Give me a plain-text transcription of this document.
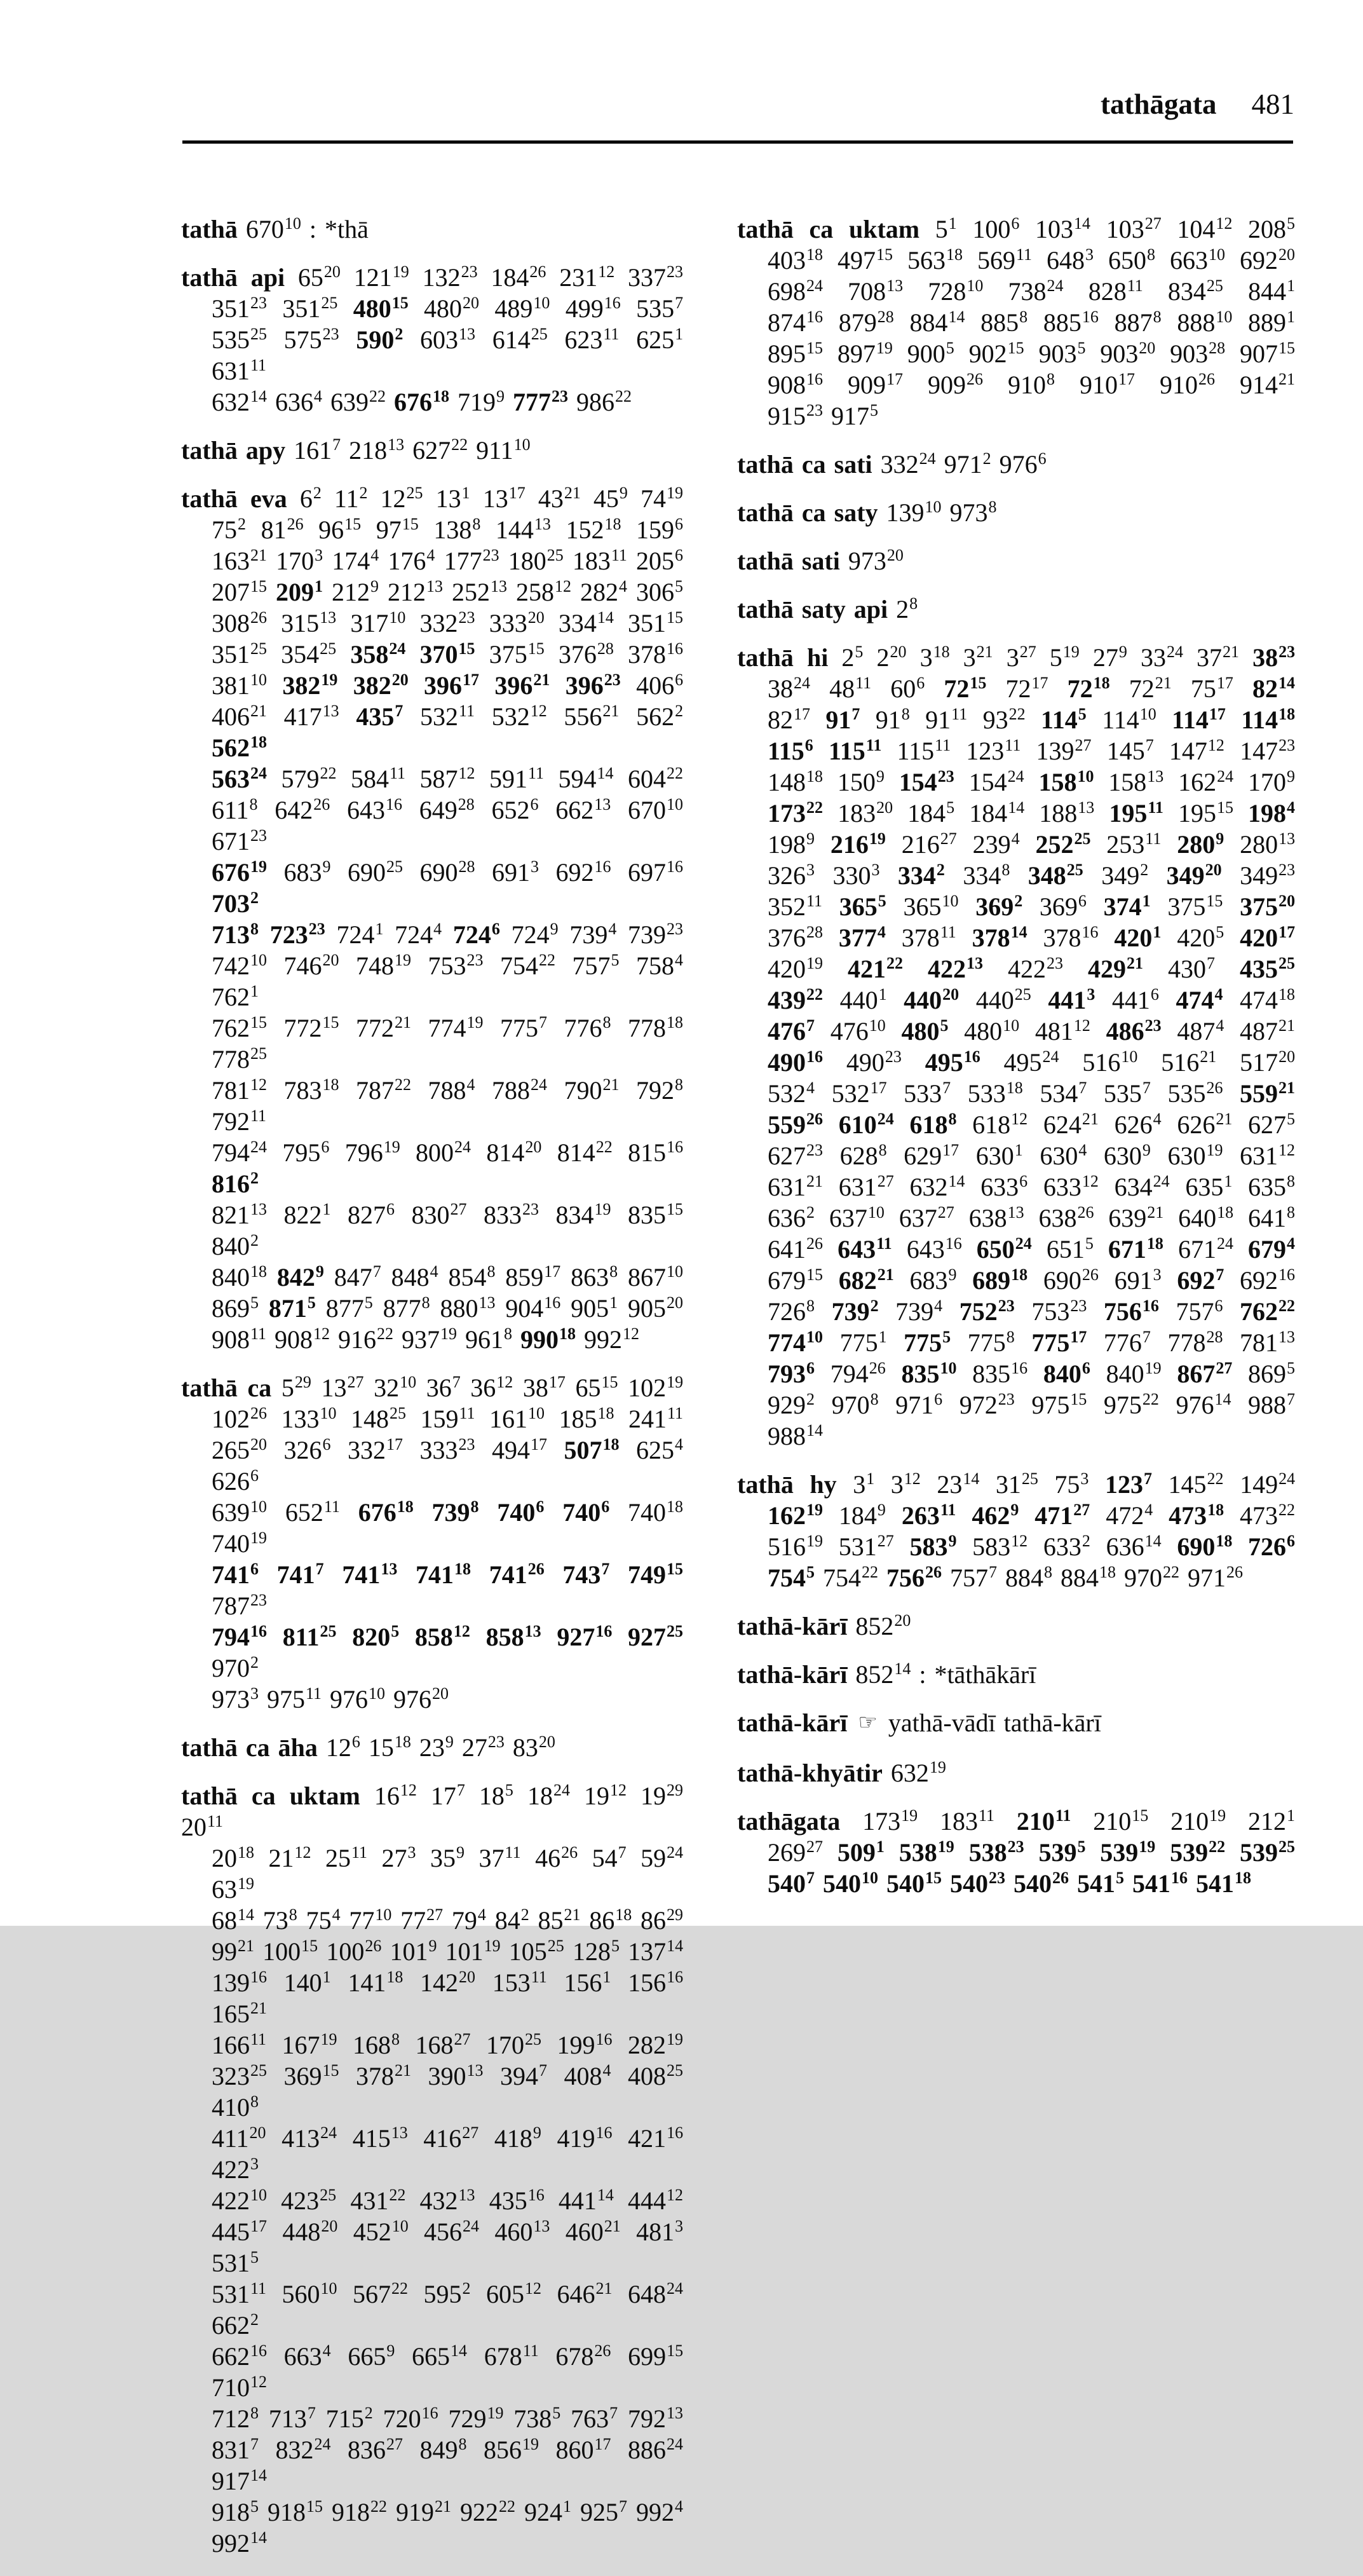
tathāgata 481
tathā $670^{10}$ : *thā
tathā api $65^{20}$ $121^{19}$ $132^{23}$ $184^{26}$ $231^{12}$ $337^{23}$
$351^{23}$ $351^{25}$ $480^{15}$ $480^{20}$ $489^{10}$ $499^{16}$ $535^7$
$535^{25}$ $575^{23}$ $590^2$ $603^{13}$ $614^{25}$ $623^{11}$ $625^1$ $631^{11}$
$632^{14}$ $636^4$ $639^{22}$ $676^{18}$ $719^9$ $777^{23}$ $986^{22}$
tathā apy $161^7$ $218^{13}$ $627^{22}$ $911^{10}$
tathā eva $6^2$ $11^2$ $12^{25}$ $13^1$ $13^{17}$ $43^{21}$ $45^9$ $74^{19}$
$75^2$ $81^{26}$ $96^{15}$ $97^{15}$ $138^8$ $144^{13}$ $152^{18}$ $159^6$
$163^{21}$ $170^3$ $174^4$ $176^4$ $177^{23}$ $180^{25}$ $183^{11}$ $205^6$
$207^{15}$ $209^1$ $212^9$ $212^{13}$ $252^{13}$ $258^{12}$ $282^4$ $306^5$
$308^{26}$ $315^{13}$ $317^{10}$ $332^{23}$ $333^{20}$ $334^{14}$ $351^{15}$
$351^{25}$ $354^{25}$ $358^{24}$ $370^{15}$ $375^{15}$ $376^{28}$ $378^{16}$
$381^{10}$ $382^{19}$ $382^{20}$ $396^{17}$ $396^{21}$ $396^{23}$ $406^6$
$406^{21}$ $417^{13}$ $435^7$ $532^{11}$ $532^{12}$ $556^{21}$ $562^2$ $562^{18}$
$563^{24}$ $579^{22}$ $584^{11}$ $587^{12}$ $591^{11}$ $594^{14}$ $604^{22}$
$611^8$ $642^{26}$ $643^{16}$ $649^{28}$ $652^6$ $662^{13}$ $670^{10}$ $671^{23}$
$676^{19}$ $683^9$ $690^{25}$ $690^{28}$ $691^3$ $692^{16}$ $697^{16}$ $703^2$
$713^8$ $723^{23}$ $724^1$ $724^4$ $724^6$ $724^9$ $739^4$ $739^{23}$
$742^{10}$ $746^{20}$ $748^{19}$ $753^{23}$ $754^{22}$ $757^5$ $758^4$ $762^1$
$762^{15}$ $772^{15}$ $772^{21}$ $774^{19}$ $775^7$ $776^8$ $778^{18}$ $778^{25}$
$781^{12}$ $783^{18}$ $787^{22}$ $788^4$ $788^{24}$ $790^{21}$ $792^8$ $792^{11}$
$794^{24}$ $795^6$ $796^{19}$ $800^{24}$ $814^{20}$ $814^{22}$ $815^{16}$ $816^2$
$821^{13}$ $822^1$ $827^6$ $830^{27}$ $833^{23}$ $834^{19}$ $835^{15}$ $840^2$
$840^{18}$ $842^9$ $847^7$ $848^4$ $854^8$ $859^{17}$ $863^8$ $867^{10}$
$869^5$ $871^5$ $877^5$ $877^8$ $880^{13}$ $904^{16}$ $905^1$ $905^{20}$
$908^{11}$ $908^{12}$ $916^{22}$ $937^{19}$ $961^8$ $990^{18}$ $992^{12}$
tathā ca $5^{29}$ $13^{27}$ $32^{10}$ $36^7$ $36^{12}$ $38^{17}$ $65^{15}$ $102^{19}$
$102^{26}$ $133^{10}$ $148^{25}$ $159^{11}$ $161^{10}$ $185^{18}$ $241^{11}$
$265^{20}$ $326^6$ $332^{17}$ $333^{23}$ $494^{17}$ $507^{18}$ $625^4$ $626^6$
$639^{10}$ $652^{11}$ $676^{18}$ $739^8$ $740^6$ $740^6$ $740^{18}$ $740^{19}$
$741^6$ $741^7$ $741^{13}$ $741^{18}$ $741^{26}$ $743^7$ $749^{15}$ $787^{23}$
$794^{16}$ $811^{25}$ $820^5$ $858^{12}$ $858^{13}$ $927^{16}$ $927^{25}$ $970^2$
$973^3$ $975^{11}$ $976^{10}$ $976^{20}$
tathā ca āha $12^6$ $15^{18}$ $23^9$ $27^{23}$ $83^{20}$
tathā ca uktam $16^{12}$ $17^7$ $18^5$ $18^{24}$ $19^{12}$ $19^{29}$ $20^{11}$
$20^{18}$ $21^{12}$ $25^{11}$ $27^3$ $35^9$ $37^{11}$ $46^{26}$ $54^7$ $59^{24}$ $63^{19}$
$68^{14}$ $73^8$ $75^4$ $77^{10}$ $77^{27}$ $79^4$ $84^2$ $85^{21}$ $86^{18}$ $86^{29}$
$99^{21}$ $100^{15}$ $100^{26}$ $101^9$ $101^{19}$ $105^{25}$ $128^5$ $137^{14}$
$139^{16}$ $140^1$ $141^{18}$ $142^{20}$ $153^{11}$ $156^1$ $156^{16}$ $165^{21}$
$166^{11}$ $167^{19}$ $168^8$ $168^{27}$ $170^{25}$ $199^{16}$ $282^{19}$
$323^{25}$ $369^{15}$ $378^{21}$ $390^{13}$ $394^7$ $408^4$ $408^{25}$ $410^8$
$411^{20}$ $413^{24}$ $415^{13}$ $416^{27}$ $418^9$ $419^{16}$ $421^{16}$ $422^3$
$422^{10}$ $423^{25}$ $431^{22}$ $432^{13}$ $435^{16}$ $441^{14}$ $444^{12}$
$445^{17}$ $448^{20}$ $452^{10}$ $456^{24}$ $460^{13}$ $460^{21}$ $481^3$ $531^5$
$531^{11}$ $560^{10}$ $567^{22}$ $595^2$ $605^{12}$ $646^{21}$ $648^{24}$ $662^2$
$662^{16}$ $663^4$ $665^9$ $665^{14}$ $678^{11}$ $678^{26}$ $699^{15}$ $710^{12}$
$712^8$ $713^7$ $715^2$ $720^{16}$ $729^{19}$ $738^5$ $763^7$ $792^{13}$
$831^7$ $832^{24}$ $836^{27}$ $849^8$ $856^{19}$ $860^{17}$ $886^{24}$ $917^{14}$
$918^5$ $918^{15}$ $918^{22}$ $919^{21}$ $922^{22}$ $924^1$ $925^7$ $992^4$
$992^{14}$
tathā ca uktam $5^1$ $100^6$ $103^{14}$ $103^{27}$ $104^{12}$ $208^5$
$403^{18}$ $497^{15}$ $563^{18}$ $569^{11}$ $648^3$ $650^8$ $663^{10}$ $692^{20}$
$698^{24}$ $708^{13}$ $728^{10}$ $738^{24}$ $828^{11}$ $834^{25}$ $844^1$
$874^{16}$ $879^{28}$ $884^{14}$ $885^8$ $885^{16}$ $887^8$ $888^{10}$ $889^1$
$895^{15}$ $897^{19}$ $900^5$ $902^{15}$ $903^5$ $903^{20}$ $903^{28}$ $907^{15}$
$908^{16}$ $909^{17}$ $909^{26}$ $910^8$ $910^{17}$ $910^{26}$ $914^{21}$
$915^{23}$ $917^5$
tathā ca sati $332^{24}$ $971^2$ $976^6$
tathā ca saty $139^{10}$ $973^8$
tathā sati $973^{20}$
tathā saty api $2^8$
tathā hi $2^5$ $2^{20}$ $3^{18}$ $3^{21}$ $3^{27}$ $5^{19}$ $27^9$ $33^{24}$ $37^{21}$ $38^{23}$
$38^{24}$ $48^{11}$ $60^6$ $72^{15}$ $72^{17}$ $72^{18}$ $72^{21}$ $75^{17}$ $82^{14}$
$82^{17}$ $91^7$ $91^8$ $91^{11}$ $93^{22}$ $114^5$ $114^{10}$ $114^{17}$ $114^{18}$
$115^6$ $115^{11}$ $115^{11}$ $123^{11}$ $139^{27}$ $145^7$ $147^{12}$ $147^{23}$
$148^{18}$ $150^9$ $154^{23}$ $154^{24}$ $158^{10}$ $158^{13}$ $162^{24}$ $170^9$
$173^{22}$ $183^{20}$ $184^5$ $184^{14}$ $188^{13}$ $195^{11}$ $195^{15}$ $198^4$
$198^9$ $216^{19}$ $216^{27}$ $239^4$ $252^{25}$ $253^{11}$ $280^9$ $280^{13}$
$326^3$ $330^3$ $334^2$ $334^8$ $348^{25}$ $349^2$ $349^{20}$ $349^{23}$
$352^{11}$ $365^5$ $365^{10}$ $369^2$ $369^6$ $374^1$ $375^{15}$ $375^{20}$
$376^{28}$ $377^4$ $378^{11}$ $378^{14}$ $378^{16}$ $420^1$ $420^5$ $420^{17}$
$420^{19}$ $421^{22}$ $422^{13}$ $422^{23}$ $429^{21}$ $430^7$ $435^{25}$
$439^{22}$ $440^1$ $440^{20}$ $440^{25}$ $441^3$ $441^6$ $474^4$ $474^{18}$
$476^7$ $476^{10}$ $480^5$ $480^{10}$ $481^{12}$ $486^{23}$ $487^4$ $487^{21}$
$490^{16}$ $490^{23}$ $495^{16}$ $495^{24}$ $516^{10}$ $516^{21}$ $517^{20}$
$532^4$ $532^{17}$ $533^7$ $533^{18}$ $534^7$ $535^7$ $535^{26}$ $559^{21}$
$559^{26}$ $610^{24}$ $618^8$ $618^{12}$ $624^{21}$ $626^4$ $626^{21}$ $627^5$
$627^{23}$ $628^8$ $629^{17}$ $630^1$ $630^4$ $630^9$ $630^{19}$ $631^{12}$
$631^{21}$ $631^{27}$ $632^{14}$ $633^6$ $633^{12}$ $634^{24}$ $635^1$ $635^8$
$636^2$ $637^{10}$ $637^{27}$ $638^{13}$ $638^{26}$ $639^{21}$ $640^{18}$ $641^8$
$641^{26}$ $643^{11}$ $643^{16}$ $650^{24}$ $651^5$ $671^{18}$ $671^{24}$ $679^4$
$679^{15}$ $682^{21}$ $683^9$ $689^{18}$ $690^{26}$ $691^3$ $692^7$ $692^{16}$
$726^8$ $739^2$ $739^4$ $752^{23}$ $753^{23}$ $756^{16}$ $757^6$ $762^{22}$
$774^{10}$ $775^1$ $775^5$ $775^8$ $775^{17}$ $776^7$ $778^{28}$ $781^{13}$
$793^6$ $794^{26}$ $835^{10}$ $835^{16}$ $840^6$ $840^{19}$ $867^{27}$ $869^5$
$929^2$ $970^8$ $971^6$ $972^{23}$ $975^{15}$ $975^{22}$ $976^{14}$ $988^7$
$988^{14}$
tathā hy $3^1$ $3^{12}$ $23^{14}$ $31^{25}$ $75^3$ $123^7$ $145^{22}$ $149^{24}$
$162^{19}$ $184^9$ $263^{11}$ $462^9$ $471^{27}$ $472^4$ $473^{18}$ $473^{22}$
$516^{19}$ $531^{27}$ $583^9$ $583^{12}$ $633^2$ $636^{14}$ $690^{18}$ $726^6$
$754^5$ $754^{22}$ $756^{26}$ $757^7$ $884^8$ $884^{18}$ $970^{22}$ $971^{26}$
tathā-kārī $852^{20}$
tathā-kārī $852^{14}$ : *tāthākārī
tathā-kārī ☞ yathā-vādī tathā-kārī
tathā-khyātir $632^{19}$
tathāgata $173^{19}$ $183^{11}$ $210^{11}$ $210^{15}$ $210^{19}$ $212^1$
$269^{27}$ $509^1$ $538^{19}$ $538^{23}$ $539^5$ $539^{19}$ $539^{22}$ $539^{25}$
$540^7$ $540^{10}$ $540^{15}$ $540^{23}$ $540^{26}$ $541^5$ $541^{16}$ $541^{18}$
